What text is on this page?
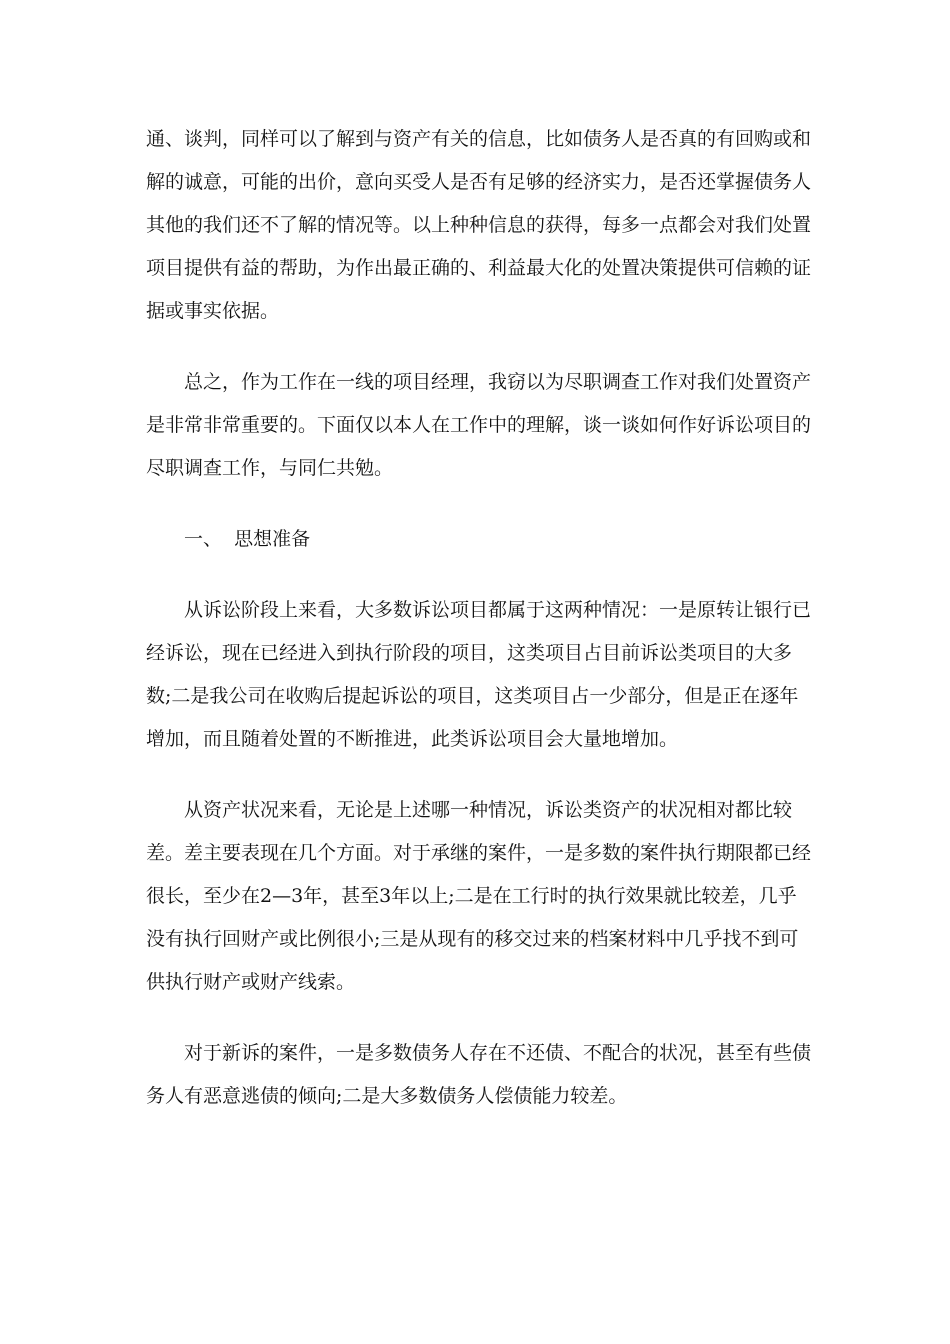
通、谈判，同样可以了解到与资产有关的信息，比如债务人是否真的有回购或和解的诚意，可能的出价，意向买受人是否有足够的经济实力，是否还掌握债务人其他的我们还不了解的情况等。以上种种信息的获得，每多一点都会对我们处置项目提供有益的帮助，为作出最正确的、利益最大化的处置决策提供可信赖的证据或事实依据。

总之，作为工作在一线的项目经理，我窃以为尽职调查工作对我们处置资产是非常非常重要的。下面仅以本人在工作中的理解，谈一谈如何作好诉讼项目的尽职调查工作，与同仁共勉。

一、  思想准备

从诉讼阶段上来看，大多数诉讼项目都属于这两种情况：一是原转让银行已经诉讼，现在已经进入到执行阶段的项目，这类项目占目前诉讼类项目的大多数;二是我公司在收购后提起诉讼的项目，这类项目占一少部分，但是正在逐年增加，而且随着处置的不断推进，此类诉讼项目会大量地增加。

从资产状况来看，无论是上述哪一种情况，诉讼类资产的状况相对都比较差。差主要表现在几个方面。对于承继的案件，一是多数的案件执行期限都已经很长，至少在2—3年，甚至3年以上;二是在工行时的执行效果就比较差，几乎没有执行回财产或比例很小;三是从现有的移交过来的档案材料中几乎找不到可供执行财产或财产线索。

对于新诉的案件，一是多数债务人存在不还债、不配合的状况，甚至有些债务人有恶意逃债的倾向;二是大多数债务人偿债能力较差。
